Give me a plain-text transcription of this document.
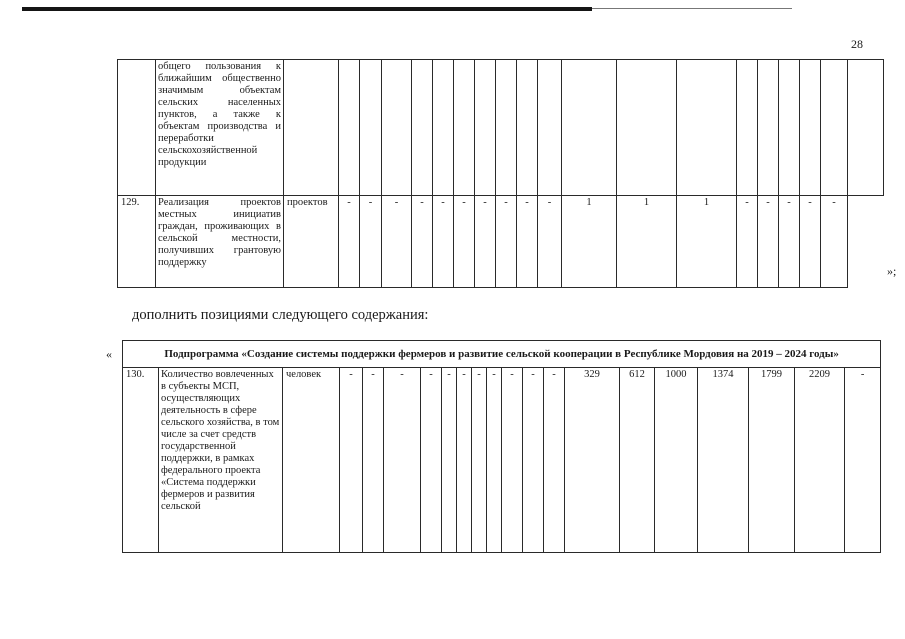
28
	общего пользования к ближайшим общественно значимым объектам сельских населенных пунктов, а также к объектам производства и переработки сельскохозяйственной продукции																				
129.	Реализация проектов местных инициатив граждан, проживающих в сельской местности, получивших грантовую поддержку	проектов	-	-	-	-	-	-	-	-	-	-	1	1	1	-	-	-	-	-	
»;
дополнить позициями следующего содержания:
«	Подпрограмма «Создание системы поддержки фермеров и развитие сельской кооперации в Республике Мордовия на 2019 – 2024 годы»
130.	Количество вовлеченных в субъекты МСП, осуществляющих деятельность в сфере сельского хозяйства, в том числе за счет средств государственной поддержки, в рамках федерального проекта «Система поддержки фермеров и развития сельской	человек	-	-	-	-	-	-	-	-	-	-	-	329	612	1000	1374	1799	2209	-
